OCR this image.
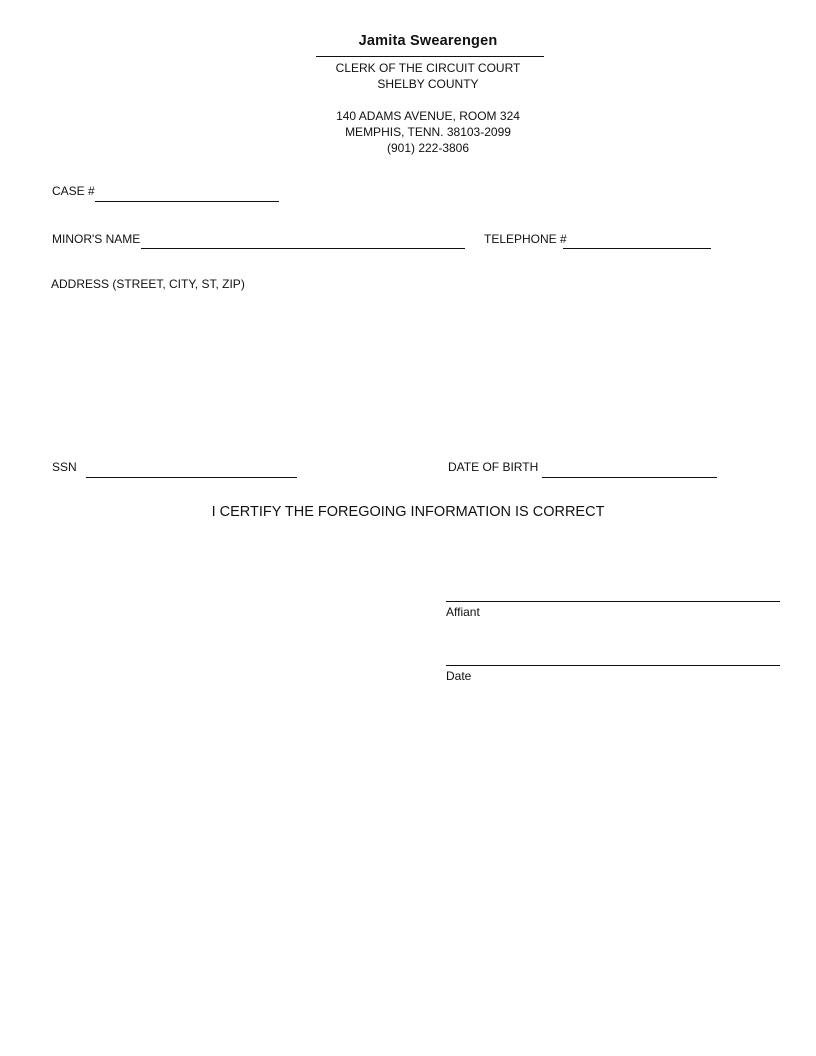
Jamita Swearengen
CLERK OF THE CIRCUIT COURT
SHELBY COUNTY
140 ADAMS AVENUE, ROOM 324
MEMPHIS, TENN. 38103-2099
(901) 222-3806
CASE #
MINOR'S NAME	TELEPHONE #
ADDRESS (STREET, CITY, ST, ZIP)
SSN	DATE OF BIRTH
I CERTIFY THE FOREGOING INFORMATION IS CORRECT
Affiant
Date
